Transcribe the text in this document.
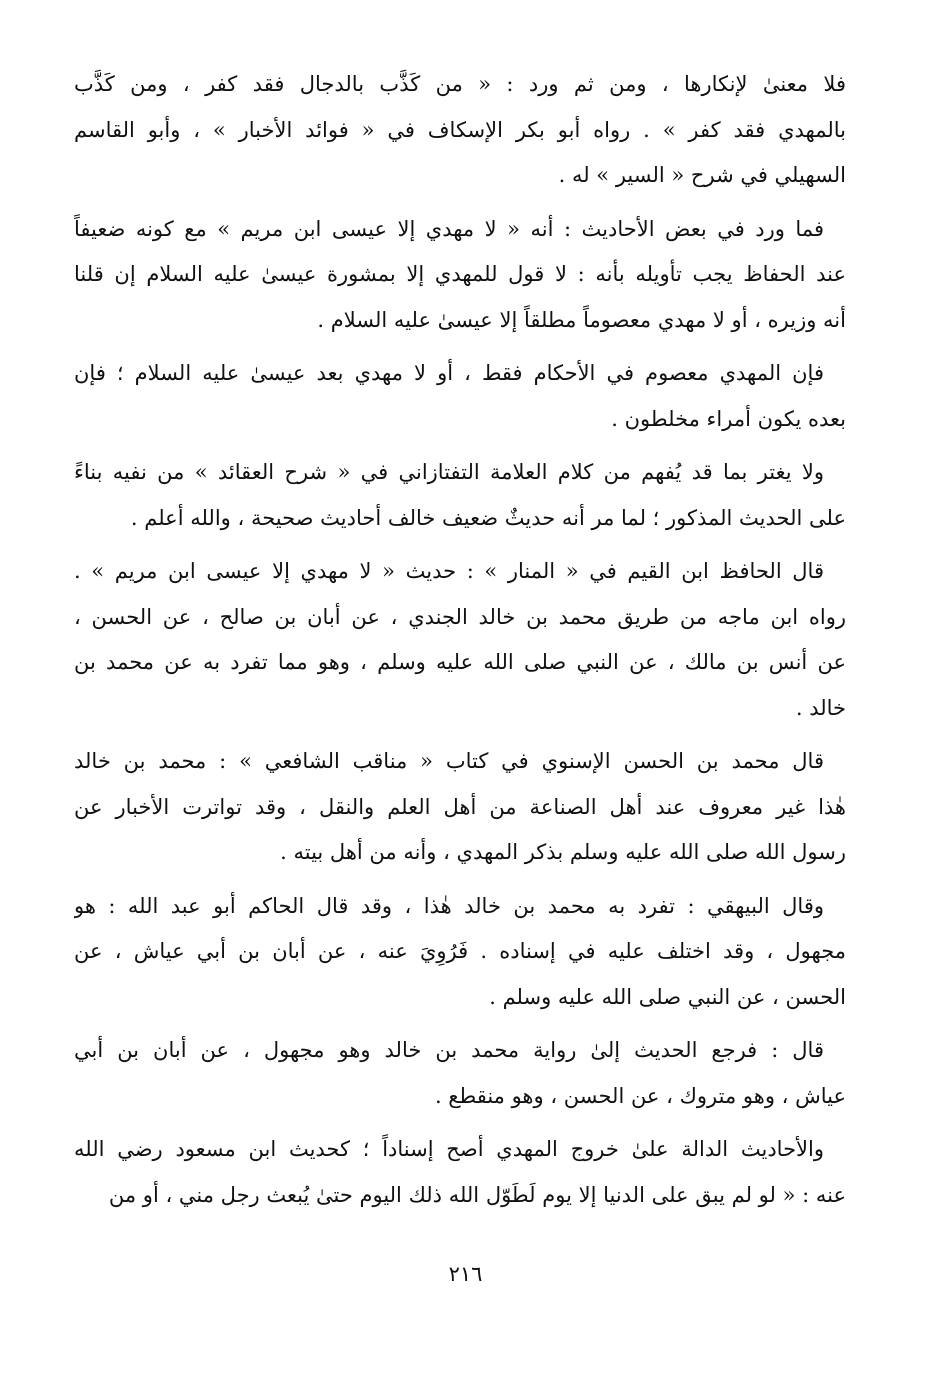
فلا معنىٰ لإنكارها ، ومن ثم ورد : « من كَذَّب بالدجال فقد كفر ، ومن كَذَّب
بالمهدي فقد كفر » . رواه أبو بكر الإسكاف في « فوائد الأخبار » ، وأبو القاسم
السهيلي في شرح « السير » له .

فما ورد في بعض الأحاديث : أنه « لا مهدي إلا عيسى ابن مريم » مع كونه ضعيفاً
عند الحفاظ يجب تأويله بأنه : لا قول للمهدي إلا بمشورة عيسىٰ عليه السلام إن قلنا
أنه وزيره ، أو لا مهدي معصوماً مطلقاً إلا عيسىٰ عليه السلام .

فإن المهدي معصوم في الأحكام فقط ، أو لا مهدي بعد عيسىٰ عليه السلام ؛ فإن
بعده يكون أمراء مخلطون .

ولا يغتر بما قد يُفهم من كلام العلامة التفتازاني في « شرح العقائد » من نفيه بناءً
على الحديث المذكور ؛ لما مر أنه حديثٌ ضعيف خالف أحاديث صحيحة ، والله أعلم .

قال الحافظ ابن القيم في « المنار » : حديث « لا مهدي إلا عيسى ابن مريم » .
رواه ابن ماجه من طريق محمد بن خالد الجندي ، عن أبان بن صالح ، عن الحسن ،
عن أنس بن مالك ، عن النبي صلى الله عليه وسلم ، وهو مما تفرد به عن محمد بن
خالد .

قال محمد بن الحسن الإسنوي في كتاب « مناقب الشافعي » : محمد بن خالد
هٰذا غير معروف عند أهل الصناعة من أهل العلم والنقل ، وقد تواترت الأخبار عن
رسول الله صلى الله عليه وسلم بذكر المهدي ، وأنه من أهل بيته .

وقال البيهقي : تفرد به محمد بن خالد هٰذا ، وقد قال الحاكم أبو عبد الله : هو
مجهول ، وقد اختلف عليه في إسناده . فَرُوِيَ عنه ، عن أبان بن أبي عياش ، عن
الحسن ، عن النبي صلى الله عليه وسلم .

قال : فرجع الحديث إلىٰ رواية محمد بن خالد وهو مجهول ، عن أبان بن أبي
عياش ، وهو متروك ، عن الحسن ، وهو منقطع .

والأحاديث الدالة علىٰ خروج المهدي أصح إسناداً ؛ كحديث ابن مسعود رضي الله
عنه : « لو لم يبق على الدنيا إلا يوم لَطَوّل الله ذلك اليوم حتىٰ يُبعث رجل مني ، أو من

٢١٦
